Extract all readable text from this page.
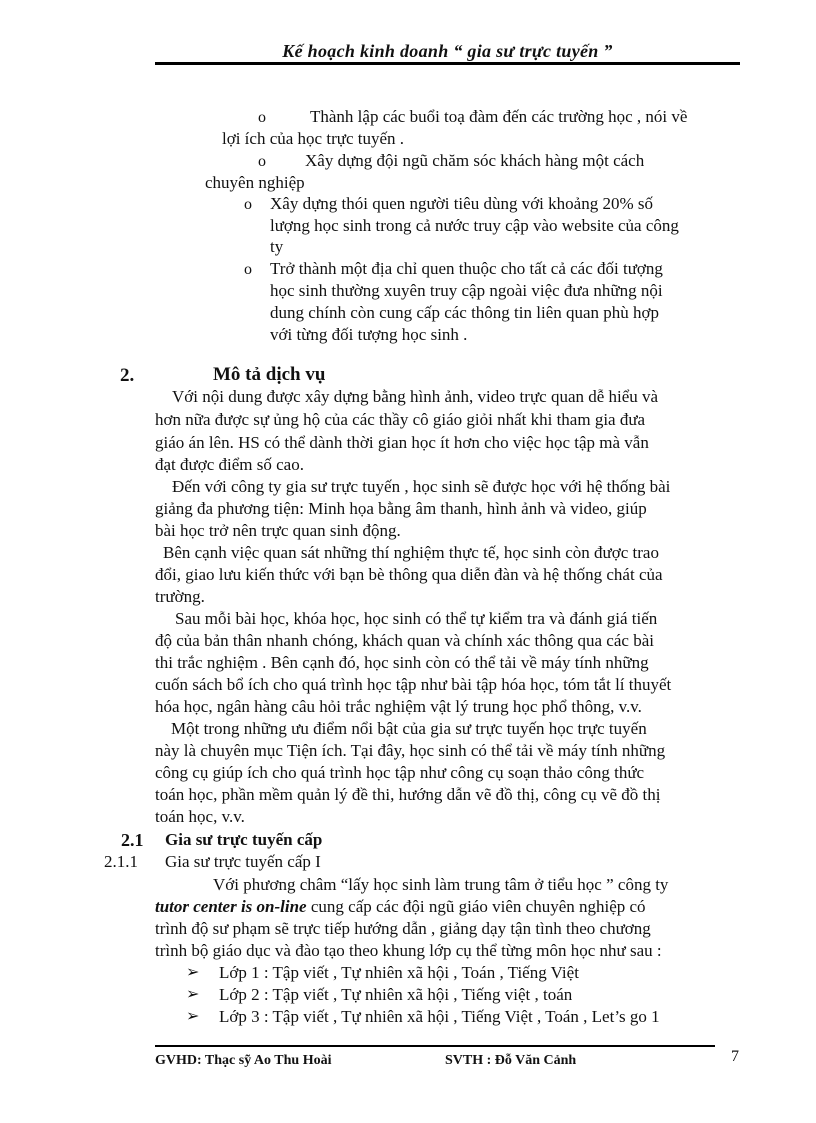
Kế hoạch kinh doanh “ gia sư trực tuyến ”
o	Thành lập các buổi toạ đàm đến các trường học , nói về
lợi ích của học trực tuyến .
o Xây dựng đội ngũ chăm sóc khách hàng một cách
chuyên nghiệp
o Xây dựng thói quen người tiêu dùng với khoảng 20% số
lượng học sinh trong cả nước truy cập vào website của công
ty
o Trở thành một địa chỉ quen thuộc cho tất cả các đối tượng
học sinh thường xuyên truy cập ngoài việc đưa những nội
dung chính còn cung cấp các thông tin liên quan phù hợp
với từng đối tượng học sinh .
2.	Mô tả dịch vụ
Với nội dung được xây dựng bằng hình ảnh, video trực quan dễ hiểu và
hơn nữa được sự ủng hộ của các thầy cô giáo giỏi nhất khi tham gia đưa
giáo án lên. HS có thể dành thời gian học ít hơn cho việc học tập mà vẫn
đạt được điểm số cao.
Đến với công ty gia sư trực tuyến , học sinh sẽ được học với hệ thống bài
giảng đa phương tiện: Minh họa bằng âm thanh, hình ảnh và video, giúp
bài học trở nên trực quan sinh động.
Bên cạnh việc quan sát những thí nghiệm thực tế, học sinh còn được trao
đổi, giao lưu kiến thức với bạn bè thông qua diễn đàn và hệ thống chát của
trường.
Sau mỗi bài học, khóa học, học sinh có thể tự kiểm tra và đánh giá tiến
độ của bản thân nhanh chóng, khách quan và chính xác thông qua các bài
thi trắc nghiệm . Bên cạnh đó, học sinh còn có thể tải về máy tính những
cuốn sách bổ ích cho quá trình học tập như bài tập hóa học, tóm tắt lí thuyết
hóa học, ngân hàng câu hỏi trắc nghiệm vật lý trung học phổ thông, v.v.
Một trong những ưu điểm nổi bật của gia sư trực tuyến học trực tuyến
này là chuyên mục Tiện ích. Tại đây, học sinh có thể tải về máy tính những
công cụ giúp ích cho quá trình học tập như công cụ soạn thảo công thức
toán học, phần mềm quản lý đề thi, hướng dẫn vẽ đồ thị, công cụ vẽ đồ thị
toán học, v.v.
2.1 Gia sư trực tuyến cấp
2.1.1 Gia sư trực tuyến cấp I
Với phương châm “lấy học sinh làm trung tâm ở tiểu học ” công ty
tutor center is on-line cung cấp các đội ngũ giáo viên chuyên nghiệp có
trình độ sư phạm sẽ trực tiếp hướng dẫn , giảng dạy tận tình theo chương
trình bộ giáo dục và đào tạo theo khung lớp cụ thể từng môn học như sau :
➢ Lớp 1 : Tập viết , Tự nhiên xã hội , Toán , Tiếng Việt
➢ Lớp 2 : Tập viết , Tự nhiên xã hội , Tiếng việt , toán
➢ Lớp 3 : Tập viết , Tự nhiên xã hội , Tiếng Việt , Toán , Let’s go 1
GVHD: Thạc sỹ Ao Thu Hoài	SVTH : Đỗ Văn Cảnh	7
